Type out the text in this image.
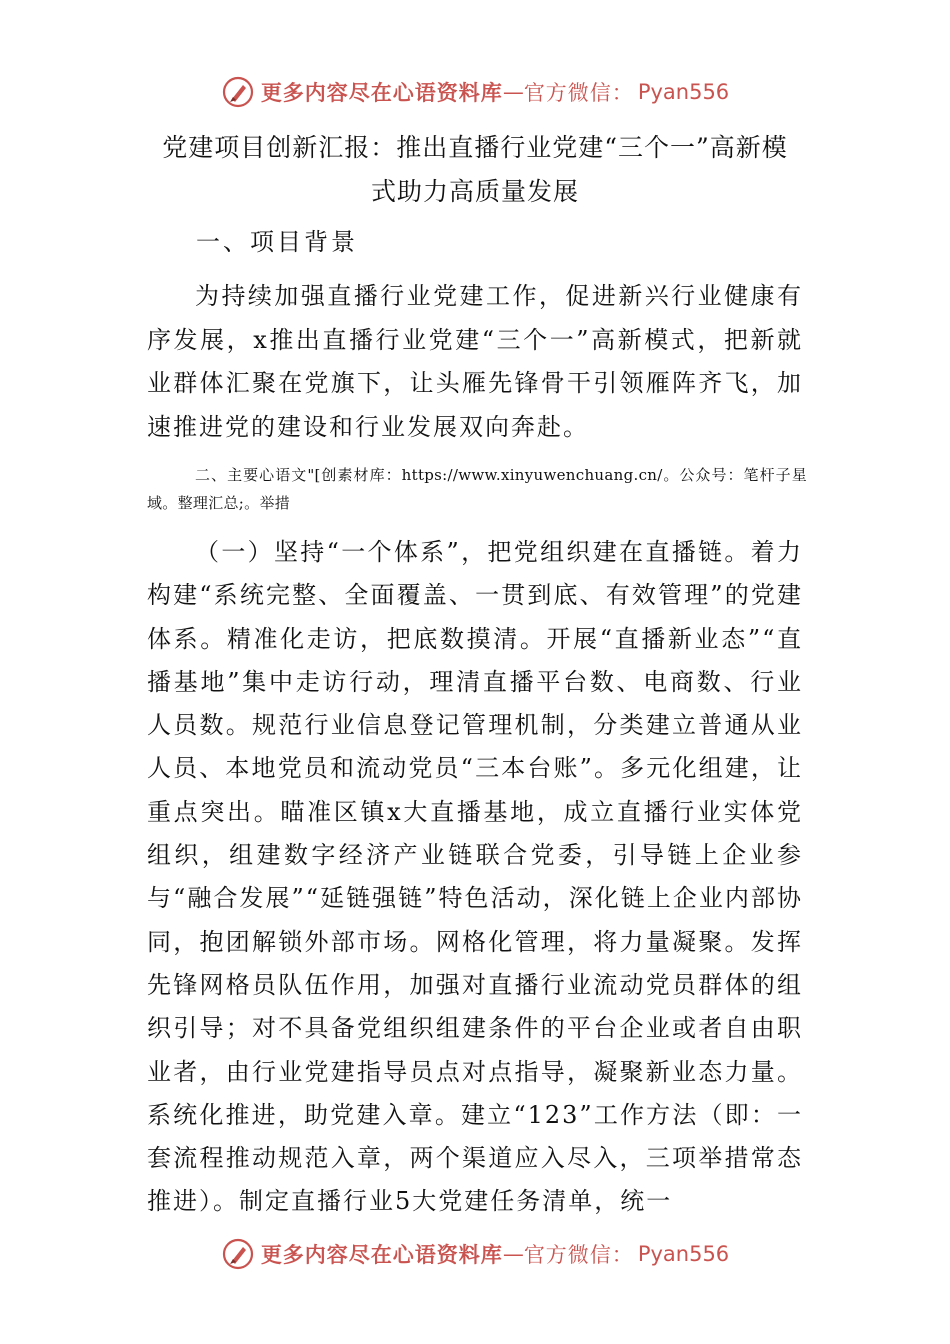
更多内容尽在心语资料库 — 官方微信： Pyan556
党建项目创新汇报：推出直播行业党建“三个一”高新模式助力高质量发展
一、项目背景
为持续加强直播行业党建工作，促进新兴行业健康有序发展，x推出直播行业党建“三个一”高新模式，把新就业群体汇聚在党旗下，让头雁先锋骨干引领雁阵齐飞，加速推进党的建设和行业发展双向奔赴。
二、主要心语文"[创素材库：https://www.xinyuwenchuang.cn/。公众号：笔杆子星域。整理汇总;。举措
（一）坚持“一个体系”，把党组织建在直播链。着力构建“系统完整、全面覆盖、一贯到底、有效管理”的党建体系。精准化走访，把底数摸清。开展“直播新业态”“直播基地”集中走访行动，理清直播平台数、电商数、行业人员数。规范行业信息登记管理机制，分类建立普通从业人员、本地党员和流动党员“三本台账”。多元化组建，让重点突出。瞄准区镇x大直播基地，成立直播行业实体党组织，组建数字经济产业链联合党委，引导链上企业参与“融合发展”“延链强链”特色活动，深化链上企业内部协同，抱团解锁外部市场。网格化管理，将力量凝聚。发挥先锋网格员队伍作用，加强对直播行业流动党员群体的组织引导；对不具备党组织组建条件的平台企业或者自由职业者，由行业党建指导员点对点指导，凝聚新业态力量。系统化推进，助党建入章。建立“123”工作方法（即：一套流程推动规范入章，两个渠道应入尽入，三项举措常态推进）。制定直播行业5大党建任务清单，统一
更多内容尽在心语资料库 — 官方微信： Pyan556
